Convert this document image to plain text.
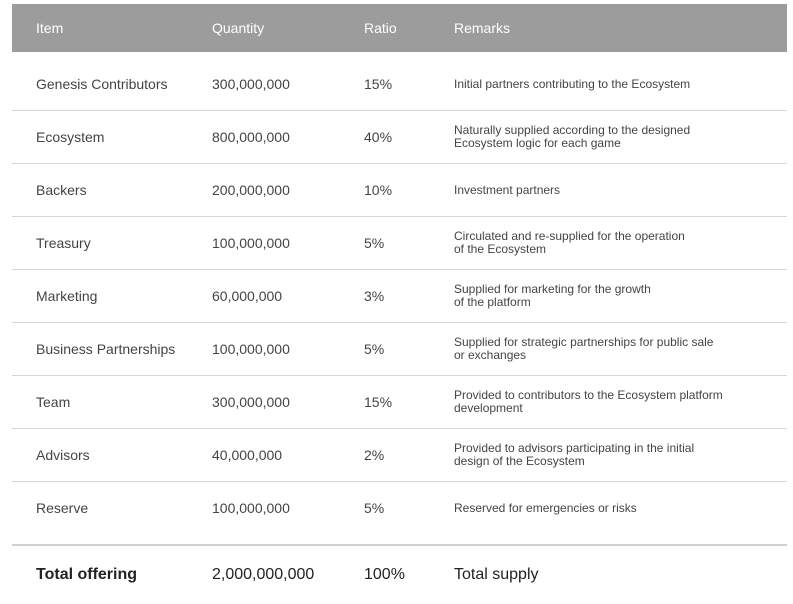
Item	Quantity	Ratio	Remarks
Genesis Contributors	300,000,000	15%	Initial partners contributing to the Ecosystem
Ecosystem	800,000,000	40%	Naturally supplied according to the designed
Ecosystem logic for each game
Backers	200,000,000	10%	Investment partners
Treasury	100,000,000	5%	Circulated and re-supplied for the operation
of the Ecosystem
Marketing	60,000,000	3%	Supplied for marketing for the growth
of the platform
Business Partnerships	100,000,000	5%	Supplied for strategic partnerships for public sale
or exchanges
Team	300,000,000	15%	Provided to contributors to the Ecosystem platform
development
Advisors	40,000,000	2%	Provided to advisors participating in the initial
design of the Ecosystem
Reserve	100,000,000	5%	Reserved for emergencies or risks
Total offering	2,000,000,000	100%	Total supply
